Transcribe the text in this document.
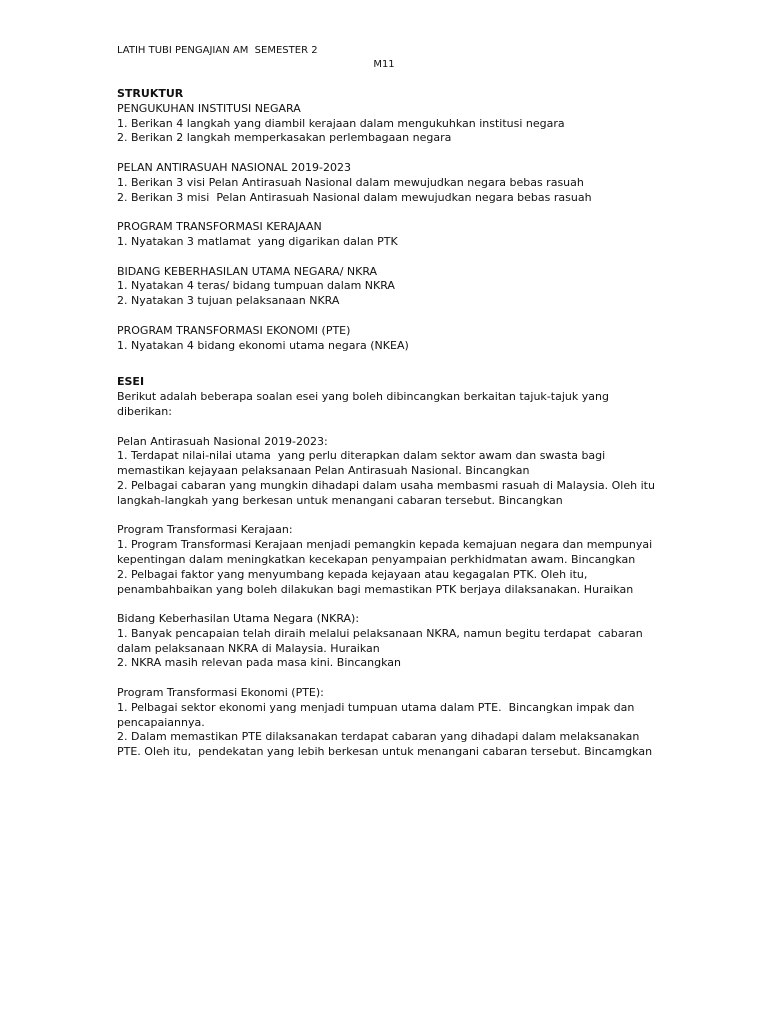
LATIH TUBI PENGAJIAN AM  SEMESTER 2
M11

STRUKTUR

PENGUKUHAN INSTITUSI NEGARA

1. Berikan 4 langkah yang diambil kerajaan dalam mengukuhkan institusi negara

2. Berikan 2 langkah memperkasakan perlembagaan negara

PELAN ANTIRASUAH NASIONAL 2019-2023

1. Berikan 3 visi Pelan Antirasuah Nasional dalam mewujudkan negara bebas rasuah

2. Berikan 3 misi  Pelan Antirasuah Nasional dalam mewujudkan negara bebas rasuah

PROGRAM TRANSFORMASI KERAJAAN

1. Nyatakan 3 matlamat  yang digarikan dalan PTK

BIDANG KEBERHASILAN UTAMA NEGARA/ NKRA

1. Nyatakan 4 teras/ bidang tumpuan dalam NKRA

2. Nyatakan 3 tujuan pelaksanaan NKRA

PROGRAM TRANSFORMASI EKONOMI (PTE)

1. Nyatakan 4 bidang ekonomi utama negara (NKEA)

ESEI

Berikut adalah beberapa soalan esei yang boleh dibincangkan berkaitan tajuk-tajuk yang diberikan:

Pelan Antirasuah Nasional 2019-2023:

1. Terdapat nilai-nilai utama  yang perlu diterapkan dalam sektor awam dan swasta bagi memastikan kejayaan pelaksanaan Pelan Antirasuah Nasional. Bincangkan

2. Pelbagai cabaran yang mungkin dihadapi dalam usaha membasmi rasuah di Malaysia. Oleh itu langkah-langkah yang berkesan untuk menangani cabaran tersebut. Bincangkan

Program Transformasi Kerajaan:

1. Program Transformasi Kerajaan menjadi pemangkin kepada kemajuan negara dan mempunyai kepentingan dalam meningkatkan kecekapan penyampaian perkhidmatan awam. Bincangkan

2. Pelbagai faktor yang menyumbang kepada kejayaan atau kegagalan PTK. Oleh itu, penambahbaikan yang boleh dilakukan bagi memastikan PTK berjaya dilaksanakan. Huraikan

Bidang Keberhasilan Utama Negara (NKRA):

1. Banyak pencapaian telah diraih melalui pelaksanaan NKRA, namun begitu terdapat  cabaran dalam pelaksanaan NKRA di Malaysia. Huraikan

2. NKRA masih relevan pada masa kini. Bincangkan

Program Transformasi Ekonomi (PTE):

1. Pelbagai sektor ekonomi yang menjadi tumpuan utama dalam PTE.  Bincangkan impak dan pencapaiannya.

2. Dalam memastikan PTE dilaksanakan terdapat cabaran yang dihadapi dalam melaksanakan PTE. Oleh itu,  pendekatan yang lebih berkesan untuk menangani cabaran tersebut. Bincamgkan
